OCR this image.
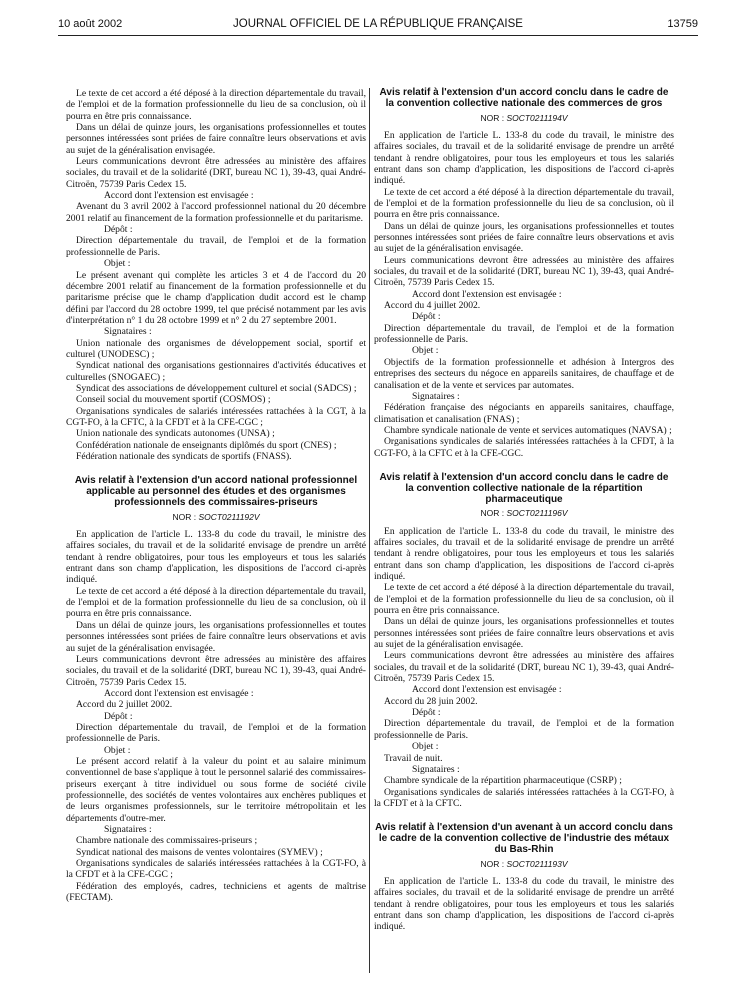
10 août 2002	JOURNAL OFFICIEL DE LA RÉPUBLIQUE FRANÇAISE	13759

Le texte de cet accord a été déposé à la direction départementale du travail, de l'emploi et de la formation professionnelle du lieu de sa conclusion, où il pourra en être pris connaissance.

Dans un délai de quinze jours, les organisations professionnelles et toutes personnes intéressées sont priées de faire connaître leurs observations et avis au sujet de la généralisation envisagée.

Leurs communications devront être adressées au ministère des affaires sociales, du travail et de la solidarité (DRT, bureau NC 1), 39-43, quai André-Citroën, 75739 Paris Cedex 15.

Accord dont l'extension est envisagée :

Avenant du 3 avril 2002 à l'accord professionnel national du 20 décembre 2001 relatif au financement de la formation professionnelle et du paritarisme.

Dépôt :

Direction départementale du travail, de l'emploi et de la formation professionnelle de Paris.

Objet :

Le présent avenant qui complète les articles 3 et 4 de l'accord du 20 décembre 2001 relatif au financement de la formation professionnelle et du paritarisme précise que le champ d'application dudit accord est le champ défini par l'accord du 28 octobre 1999, tel que précisé notamment par les avis d'interprétation n° 1 du 28 octobre 1999 et n° 2 du 27 septembre 2001.

Signataires :

Union nationale des organismes de développement social, sportif et culturel (UNODESC) ;

Syndicat national des organisations gestionnaires d'activités éducatives et culturelles (SNOGAEC) ;

Syndicat des associations de développement culturel et social (SADCS) ;

Conseil social du mouvement sportif (COSMOS) ;

Organisations syndicales de salariés intéressées rattachées à la CGT, à la CGT-FO, à la CFTC, à la CFDT et à la CFE-CGC ;

Union nationale des syndicats autonomes (UNSA) ;

Confédération nationale de enseignants diplômés du sport (CNES) ;

Fédération nationale des syndicats de sportifs (FNASS).

Avis relatif à l'extension d'un accord national professionnel applicable au personnel des études et des organismes professionnels des commissaires-priseurs
NOR : SOCT0211192V

En application de l'article L. 133-8 du code du travail, le ministre des affaires sociales, du travail et de la solidarité envisage de prendre un arrêté tendant à rendre obligatoires, pour tous les employeurs et tous les salariés entrant dans son champ d'application, les dispositions de l'accord ci-après indiqué.

Le texte de cet accord a été déposé à la direction départementale du travail, de l'emploi et de la formation professionnelle du lieu de sa conclusion, où il pourra en être pris connaissance.

Dans un délai de quinze jours, les organisations professionnelles et toutes personnes intéressées sont priées de faire connaître leurs observations et avis au sujet de la généralisation envisagée.

Leurs communications devront être adressées au ministère des affaires sociales, du travail et de la solidarité (DRT, bureau NC 1), 39-43, quai André-Citroën, 75739 Paris Cedex 15.

Accord dont l'extension est envisagée :

Accord du 2 juillet 2002.

Dépôt :

Direction départementale du travail, de l'emploi et de la formation professionnelle de Paris.

Objet :

Le présent accord relatif à la valeur du point et au salaire minimum conventionnel de base s'applique à tout le personnel salarié des commissaires-priseurs exerçant à titre individuel ou sous forme de société civile professionnelle, des sociétés de ventes volontaires aux enchères publiques et de leurs organismes professionnels, sur le territoire métropolitain et les départements d'outre-mer.

Signataires :

Chambre nationale des commissaires-priseurs ;

Syndicat national des maisons de ventes volontaires (SYMEV) ;

Organisations syndicales de salariés intéressées rattachées à la CGT-FO, à la CFDT et à la CFE-CGC ;

Fédération des employés, cadres, techniciens et agents de maîtrise (FECTAM).

Avis relatif à l'extension d'un accord conclu dans le cadre de la convention collective nationale des commerces de gros
NOR : SOCT0211194V

En application de l'article L. 133-8 du code du travail, le ministre des affaires sociales, du travail et de la solidarité envisage de prendre un arrêté tendant à rendre obligatoires, pour tous les employeurs et tous les salariés entrant dans son champ d'application, les dispositions de l'accord ci-après indiqué.

Le texte de cet accord a été déposé à la direction départementale du travail, de l'emploi et de la formation professionnelle du lieu de sa conclusion, où il pourra en être pris connaissance.

Dans un délai de quinze jours, les organisations professionnelles et toutes personnes intéressées sont priées de faire connaître leurs observations et avis au sujet de la généralisation envisagée.

Leurs communications devront être adressées au ministère des affaires sociales, du travail et de la solidarité (DRT, bureau NC 1), 39-43, quai André-Citroën, 75739 Paris Cedex 15.

Accord dont l'extension est envisagée :

Accord du 4 juillet 2002.

Dépôt :

Direction départementale du travail, de l'emploi et de la formation professionnelle de Paris.

Objet :

Objectifs de la formation professionnelle et adhésion à Intergros des entreprises des secteurs du négoce en appareils sanitaires, de chauffage et de canalisation et de la vente et services par automates.

Signataires :

Fédération française des négociants en appareils sanitaires, chauffage, climatisation et canalisation (FNAS) ;

Chambre syndicale nationale de vente et services automatiques (NAVSA) ;

Organisations syndicales de salariés intéressées rattachées à la CFDT, à la CGT-FO, à la CFTC et à la CFE-CGC.

Avis relatif à l'extension d'un accord conclu dans le cadre de la convention collective nationale de la répartition pharmaceutique
NOR : SOCT0211196V

En application de l'article L. 133-8 du code du travail, le ministre des affaires sociales, du travail et de la solidarité envisage de prendre un arrêté tendant à rendre obligatoires, pour tous les employeurs et tous les salariés entrant dans son champ d'application, les dispositions de l'accord ci-après indiqué.

Le texte de cet accord a été déposé à la direction départementale du travail, de l'emploi et de la formation professionnelle du lieu de sa conclusion, où il pourra en être pris connaissance.

Dans un délai de quinze jours, les organisations professionnelles et toutes personnes intéressées sont priées de faire connaître leurs observations et avis au sujet de la généralisation envisagée.

Leurs communications devront être adressées au ministère des affaires sociales, du travail et de la solidarité (DRT, bureau NC 1), 39-43, quai André-Citroën, 75739 Paris Cedex 15.

Accord dont l'extension est envisagée :

Accord du 28 juin 2002.

Dépôt :

Direction départementale du travail, de l'emploi et de la formation professionnelle de Paris.

Objet :

Travail de nuit.

Signataires :

Chambre syndicale de la répartition pharmaceutique (CSRP) ;

Organisations syndicales de salariés intéressées rattachées à la CGT-FO, à la CFDT et à la CFTC.

Avis relatif à l'extension d'un avenant à un accord conclu dans le cadre de la convention collective de l'industrie des métaux du Bas-Rhin
NOR : SOCT0211193V

En application de l'article L. 133-8 du code du travail, le ministre des affaires sociales, du travail et de la solidarité envisage de prendre un arrêté tendant à rendre obligatoires, pour tous les employeurs et tous les salariés entrant dans son champ d'application, les dispositions de l'accord ci-après indiqué.
